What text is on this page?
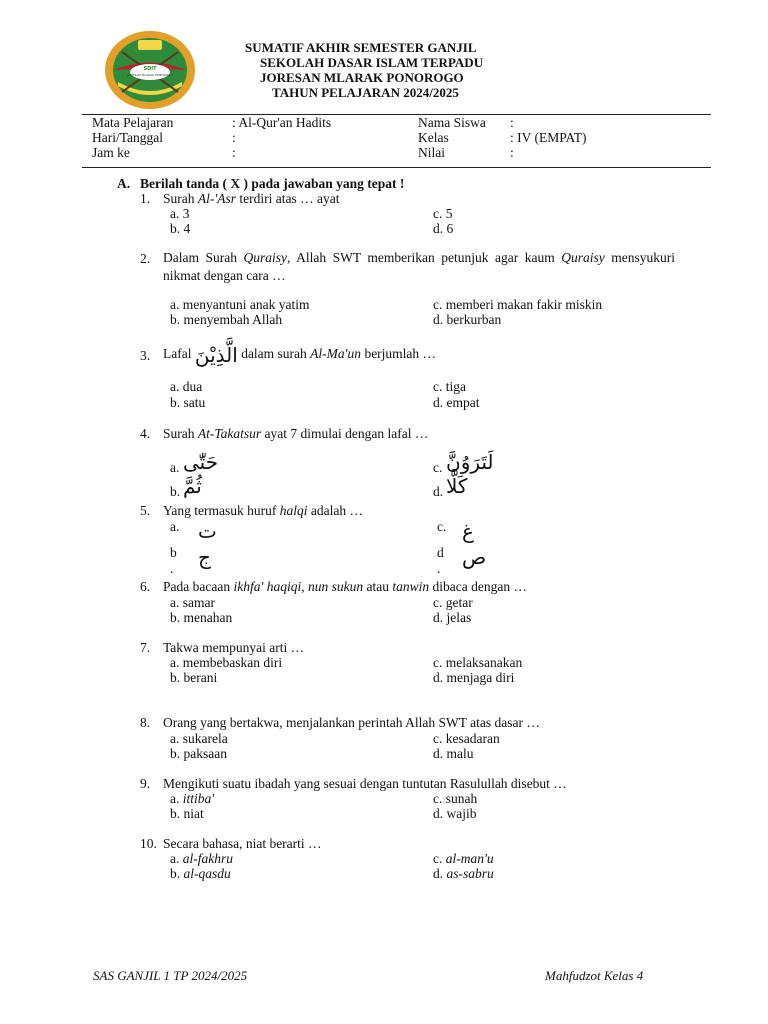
SDIT
JORESAN MLARAK PONOROGO
SUMATIF AKHIR SEMESTER GANJIL
SEKOLAH DASAR ISLAM TERPADU
JORESAN MLARAK PONOROGO
TAHUN PELAJARAN 2024/2025
Mata Pelajaran	: Al-Qur'an Hadits
Hari/Tanggal	:
Jam ke	:
Nama Siswa :
Kelas	: IV (EMPAT)
Nilai	:
A. Berilah tanda ( X ) pada jawaban yang tepat !
1. Surah Al-'Asr terdiri atas … ayat
a. 3
b. 4
c. 5
d. 6
2. Dalam Surah Quraisy, Allah SWT memberikan petunjuk agar kaum Quraisy mensyukuri nikmat dengan cara …
a. menyantuni anak yatim
b. menyembah Allah
c. memberi makan fakir miskin
d. berkurban
3. Lafal الَّذِيْنَ dalam surah Al-Ma'un berjumlah …
a. dua
b. satu
c. tiga
d. empat
4. Surah At-Takatsur ayat 7 dimulai dengan lafal …
a. حَتّٰى
b. ثُمَّ
c. لَتَرَوُنَّ
d. كَلَّا
5. Yang termasuk huruf halqi adalah …
a. ت
b
. ج
c. غ
d
. ص
6. Pada bacaan ikhfa' haqiqi, nun sukun atau tanwin dibaca dengan …
a. samar
b. menahan
c. getar
d. jelas
7. Takwa mempunyai arti …
a. membebaskan diri
b. berani
c. melaksanakan
d. menjaga diri
8. Orang yang bertakwa, menjalankan perintah Allah SWT atas dasar …
a. sukarela
b. paksaan
c. kesadaran
d. malu
9. Mengikuti suatu ibadah yang sesuai dengan tuntutan Rasulullah disebut …
a. ittiba'
b. niat
c. sunah
d. wajib
10. Secara bahasa, niat berarti …
a. al-fakhru
b. al-qasdu
c. al-man'u
d. as-sabru
SAS GANJIL 1 TP 2024/2025	Mahfudzot Kelas 4
